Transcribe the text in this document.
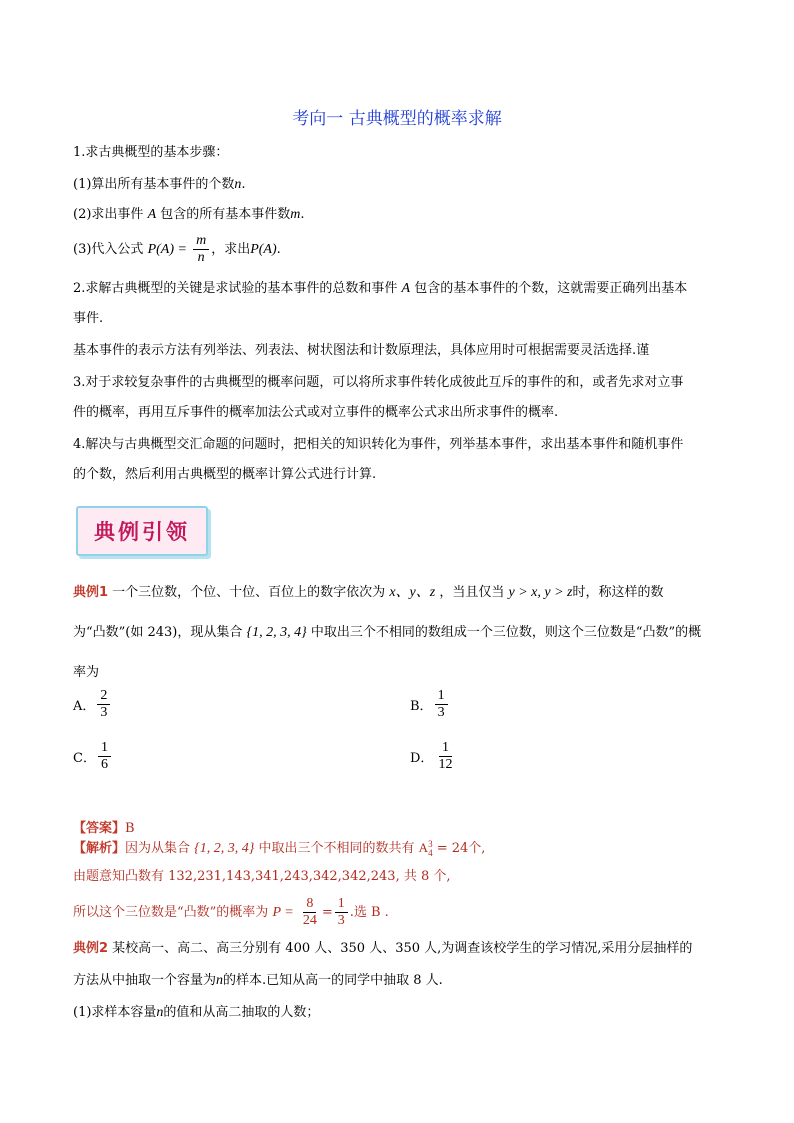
考向一 古典概型的概率求解
1.求古典概型的基本步骤：
(1)算出所有基本事件的个数n.
(2)求出事件 A 包含的所有基本事件数m.
(3)代入公式 $P(A) = \frac{m}{n}$ ，求出P(A).
2.求解古典概型的关键是求试验的基本事件的总数和事件 A 包含的基本事件的个数，这就需要正确列出基本
事件.
基本事件的表示方法有列举法、列表法、树状图法和计数原理法，具体应用时可根据需要灵活选择.谨
3.对于求较复杂事件的古典概型的概率问题，可以将所求事件转化成彼此互斥的事件的和，或者先求对立事
件的概率，再用互斥事件的概率加法公式或对立事件的概率公式求出所求事件的概率.
4.解决与古典概型交汇命题的问题时，把相关的知识转化为事件，列举基本事件，求出基本事件和随机事件
的个数，然后利用古典概型的概率计算公式进行计算.
典例引领
典例1 一个三位数，个位、十位、百位上的数字依次为 x、y、z ，当且仅当 y > x, y > z时，称这样的数
为“凸数”(如 243)，现从集合 {1, 2, 3, 4} 中取出三个不相同的数组成一个三位数，则这个三位数是“凸数”的概
率为
A． $\frac{2}{3}$	B． $\frac{1}{3}$
C． $\frac{1}{6}$	D． $\frac{1}{12}$
【答案】B
【解析】因为从集合 {1, 2, 3, 4} 中取出三个不相同的数共有 A 3
4 = 24个,
由题意知凸数有 132,231,143,341,243,342,342,243, 共 8 个,
所以这个三位数是“凸数”的概率为 $P = \frac{8}{24} = \frac{1}{3}$ .选 B .
典例2 某校高一、高二、高三分别有 400 人、350 人、350 人,为调查该校学生的学习情况,采用分层抽样的
方法从中抽取一个容量为n的样本.已知从高一的同学中抽取 8 人.
(1)求样本容量n的值和从高二抽取的人数；
